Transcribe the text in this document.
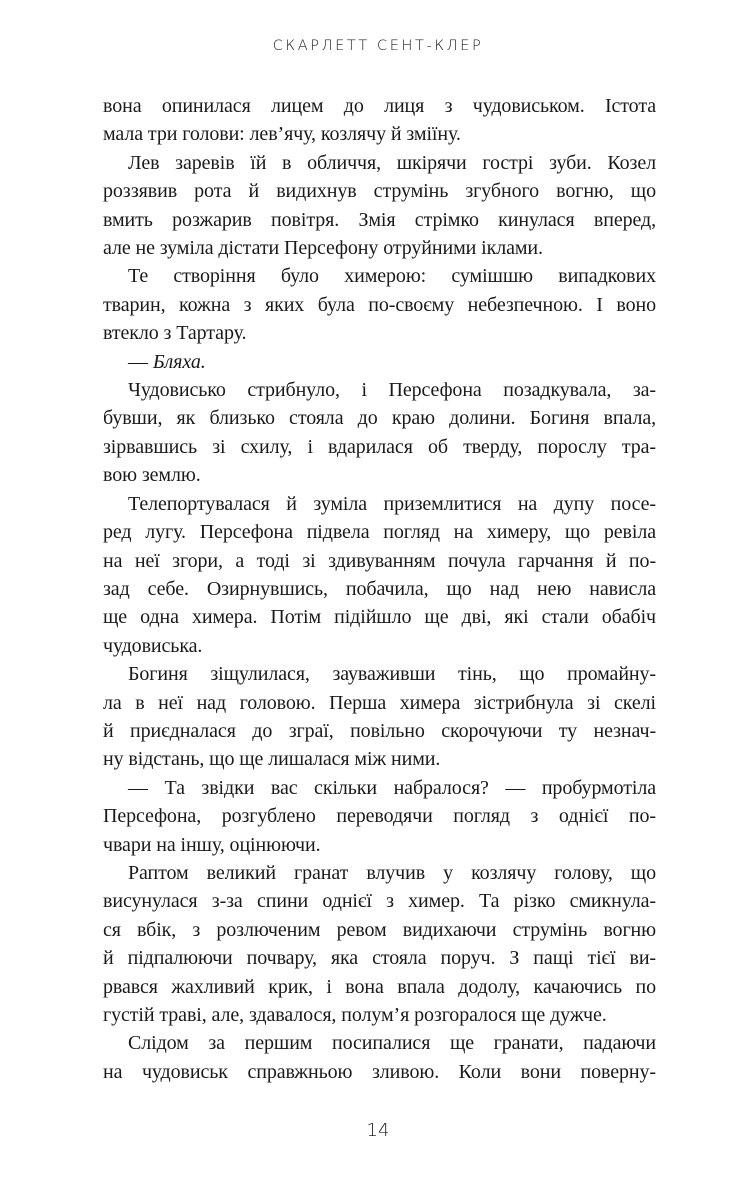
СКАРЛЕТТ СЕНТ-КЛЕР
вона опинилася лицем до лиця з чудовиськом. Істота
мала три голови: лев’ячу, козлячу й зміїну.
Лев заревів їй в обличчя, шкірячи гострі зуби. Козел
роззявив рота й видихнув струмінь згубного вогню, що
вмить розжарив повітря. Змія стрімко кинулася вперед,
але не зуміла дістати Персефону отруйними іклами.
Те створіння було химерою: сумішшю випадкових
тварин, кожна з яких була по-своєму небезпечною. І воно
втекло з Тартару.
— Бляха.
Чудовисько стрибнуло, і Персефона позадкувала, за-
бувши, як близько стояла до краю долини. Богиня впала,
зірвавшись зі схилу, і вдарилася об тверду, порослу тра-
вою землю.
Телепортувалася й зуміла приземлитися на дупу посе-
ред лугу. Персефона підвела погляд на химеру, що ревіла
на неї згори, а тоді зі здивуванням почула гарчання й по-
зад себе. Озирнувшись, побачила, що над нею нависла
ще одна химера. Потім підійшло ще дві, які стали обабіч
чудовиська.
Богиня зіщулилася, зауваживши тінь, що промайну-
ла в неї над головою. Перша химера зістрибнула зі скелі
й приєдналася до зграї, повільно скорочуючи ту незнач-
ну відстань, що ще лишалася між ними.
— Та звідки вас скільки набралося? — пробурмотіла
Персефона, розгублено переводячи погляд з однієї по-
чвари на іншу, оцінюючи.
Раптом великий гранат влучив у козлячу голову, що
висунулася з-за спини однієї з химер. Та різко смикнула-
ся вбік, з розлюченим ревом видихаючи струмінь вогню
й підпалюючи почвару, яка стояла поруч. З пащі тієї ви-
рвався жахливий крик, і вона впала додолу, качаючись по
густій траві, але, здавалося, полум’я розгоралося ще дужче.
Слідом за першим посипалися ще гранати, падаючи
на чудовиськ справжньою зливою. Коли вони поверну-
14
